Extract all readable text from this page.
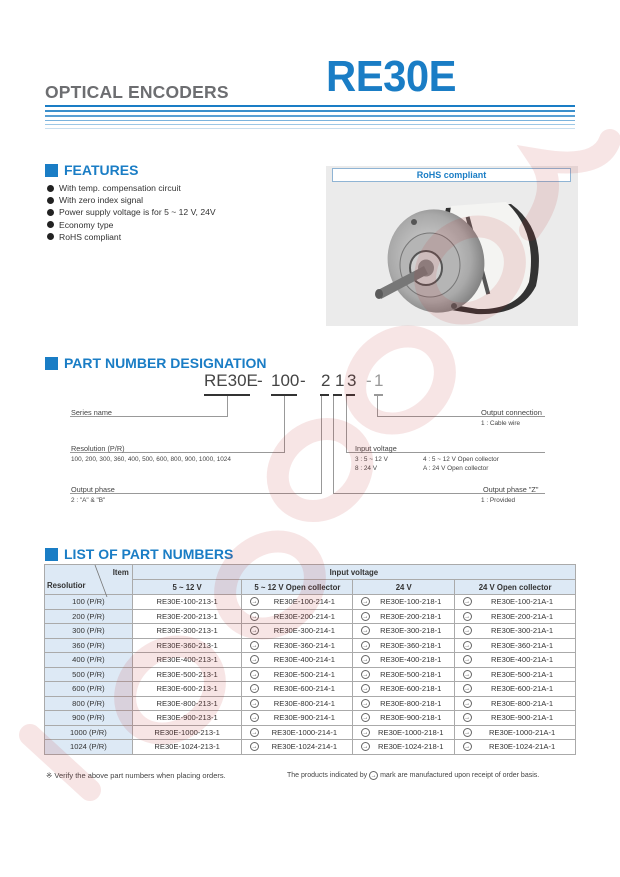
OPTICAL ENCODERS RE30E
FEATURES
With temp. compensation circuit
With zero index signal
Power supply voltage is for 5 ~ 12 V, 24V
Economy type
RoHS compliant
RoHS compliant
PART NUMBER DESIGNATION
RE30E - 100 - 2 1 3 - 1
Series name	Output connection
1 : Cable wire
Resolution (P/R)
100, 200, 300, 360, 400, 500, 600, 800, 900, 1000, 1024
Input voltage
3 : 5 ~ 12 V
8 : 24 V
4 : 5 ~ 12 V Open collector
A : 24 V Open collector
Output phase
2 : "A" & "B"
Output phase "Z"
1 : Provided
LIST OF PART NUMBERS
Item
Resolutior	Input voltage			
	5 ~ 12 V	5 ~ 12 V Open collector	24 V	24 V Open collector
100 (P/R)	RE30E-100-213-1	→ RE30E-100-214-1	→ RE30E-100-218-1	→ RE30E-100-21A-1

200 (P/R)	RE30E-200-213-1	→ RE30E-200-214-1	→ RE30E-200-218-1	→ RE30E-200-21A-1

300 (P/R)	RE30E-300-213-1	→ RE30E-300-214-1	→ RE30E-300-218-1	→ RE30E-300-21A-1

360 (P/R)	RE30E-360-213-1	→ RE30E-360-214-1	→ RE30E-360-218-1	→ RE30E-360-21A-1

400 (P/R)	RE30E-400-213-1	→ RE30E-400-214-1	→ RE30E-400-218-1	→ RE30E-400-21A-1

500 (P/R)	RE30E-500-213-1	→ RE30E-500-214-1	→ RE30E-500-218-1	→ RE30E-500-21A-1

600 (P/R)	RE30E-600-213-1	→ RE30E-600-214-1	→ RE30E-600-218-1	→ RE30E-600-21A-1

800 (P/R)	RE30E-800-213-1	→ RE30E-800-214-1	→ RE30E-800-218-1	→ RE30E-800-21A-1

900 (P/R)	RE30E-900-213-1	→ RE30E-900-214-1	→ RE30E-900-218-1	→ RE30E-900-21A-1

1000 (P/R)	RE30E-1000-213-1	→ RE30E-1000-214-1	→ RE30E-1000-218-1	→ RE30E-1000-21A-1

1024 (P/R)	RE30E-1024-213-1	→ RE30E-1024-214-1	→ RE30E-1024-218-1	→ RE30E-1024-21A-1
※ Verify the above part numbers when placing orders.	The products indicated by → mark are manufactured upon receipt of order basis.
